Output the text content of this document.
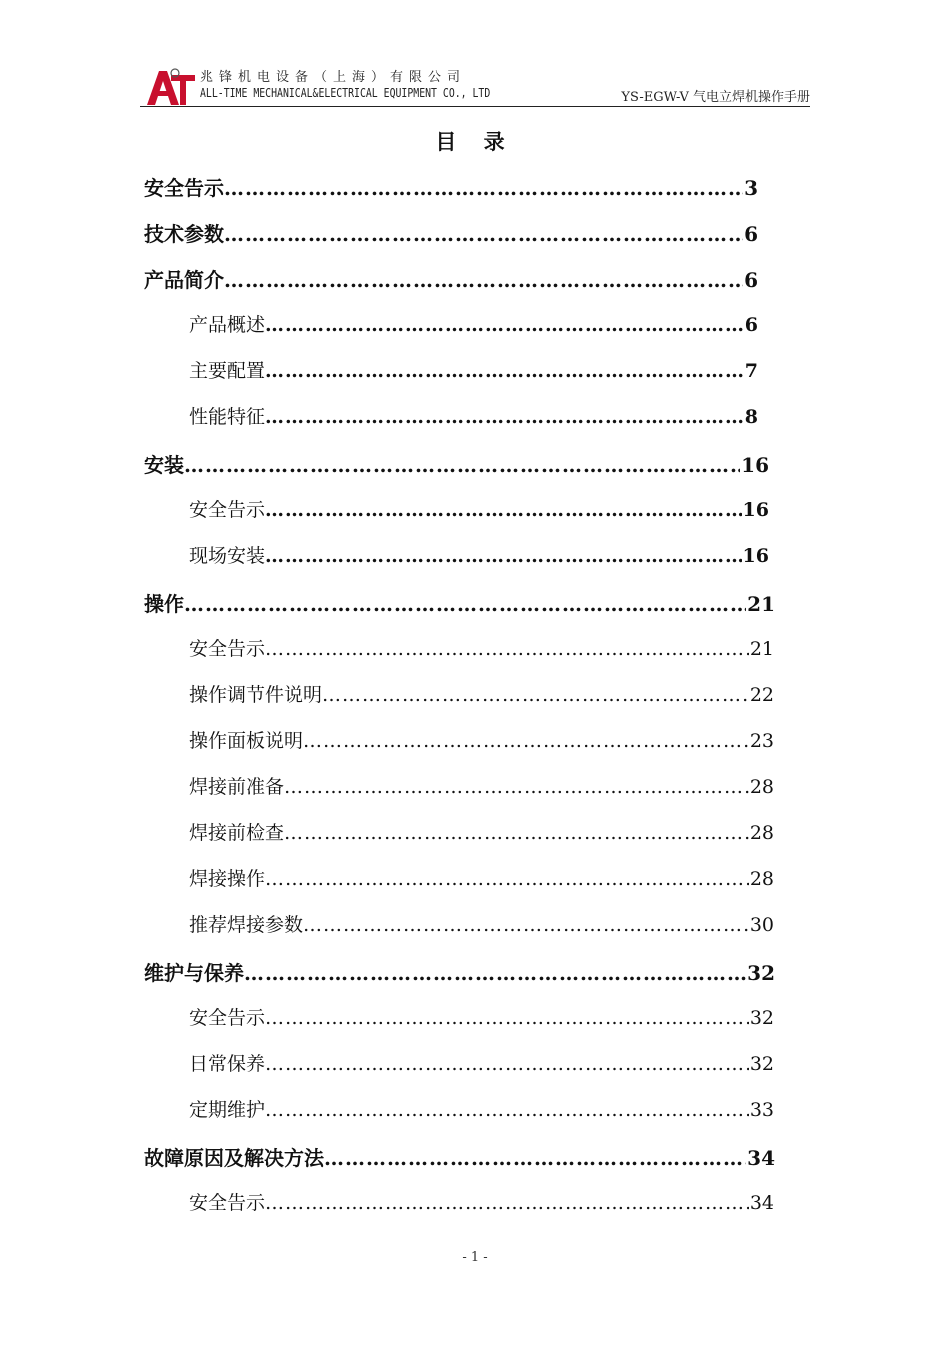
兆锋机电设备（上海）有限公司
ALL-TIME MECHANICAL&ELECTRICAL EQUIPMENT CO., LTD	YS-EGW-V 气电立焊机操作手册
目 录
安全告示 …………………………………………………………………………………………………………………………………………………………	3
技术参数 …………………………………………………………………………………………………………………………………………………………	6
产品简介 …………………………………………………………………………………………………………………………………………………………	6
产品概述 …………………………………………………………………………………………………………………………………………………………	6
主要配置 …………………………………………………………………………………………………………………………………………………………	7
性能特征 …………………………………………………………………………………………………………………………………………………………	8
安装 …………………………………………………………………………………………………………………………………………………………	16
安全告示 …………………………………………………………………………………………………………………………………………………………	16
现场安装 …………………………………………………………………………………………………………………………………………………………	16
操作 …………………………………………………………………………………………………………………………………………………………	21
安全告示 …………………………………………………………………………………………………………………………………………………………	21
操作调节件说明 …………………………………………………………………………………………………………………………………………………………	22
操作面板说明 …………………………………………………………………………………………………………………………………………………………	23
焊接前准备 …………………………………………………………………………………………………………………………………………………………	28
焊接前检查 …………………………………………………………………………………………………………………………………………………………	28
焊接操作 …………………………………………………………………………………………………………………………………………………………	28
推荐焊接参数 …………………………………………………………………………………………………………………………………………………………	30
维护与保养 …………………………………………………………………………………………………………………………………………………………	32
安全告示 …………………………………………………………………………………………………………………………………………………………	32
日常保养 …………………………………………………………………………………………………………………………………………………………	32
定期维护 …………………………………………………………………………………………………………………………………………………………	33
故障原因及解决方法 …………………………………………………………………………………………………………………………………………………………	34
安全告示 …………………………………………………………………………………………………………………………………………………………	34
- 1 -
